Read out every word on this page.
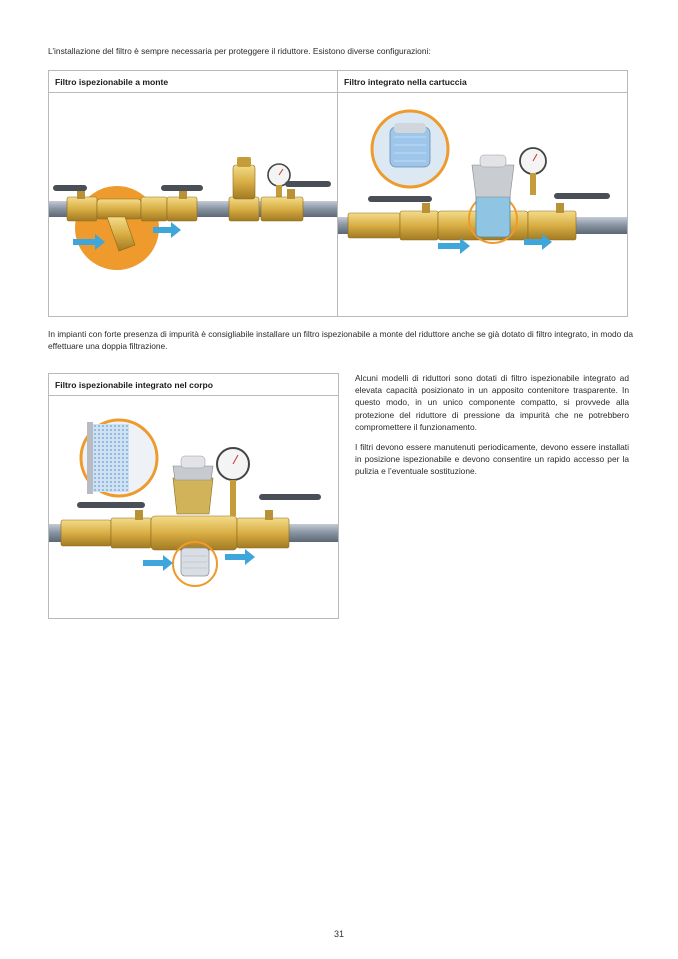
L’installazione del filtro è sempre necessaria per proteggere il riduttore. Esistono diverse configurazioni:
Filtro ispezionabile a monte	Filtro integrato nella cartuccia
In impianti con forte presenza di impurità è consigliabile installare un filtro ispezionabile a monte del riduttore anche se già dotato di filtro integrato, in modo da effettuare una doppia filtrazione.
Filtro ispezionabile integrato nel corpo

Alcuni modelli di riduttori sono dotati di filtro ispezionabile integrato ad elevata capacità posizionato in un apposito contenitore trasparente. In questo modo, in un unico componente compatto, si provvede alla protezione del riduttore di pressione da impurità che ne potrebbero compromettere il funzionamento.

I filtri devono essere manutenuti periodicamente, devono essere installati in posizione ispezionabile e devono consentire un rapido accesso per la pulizia e l’eventuale sostituzione.

31
